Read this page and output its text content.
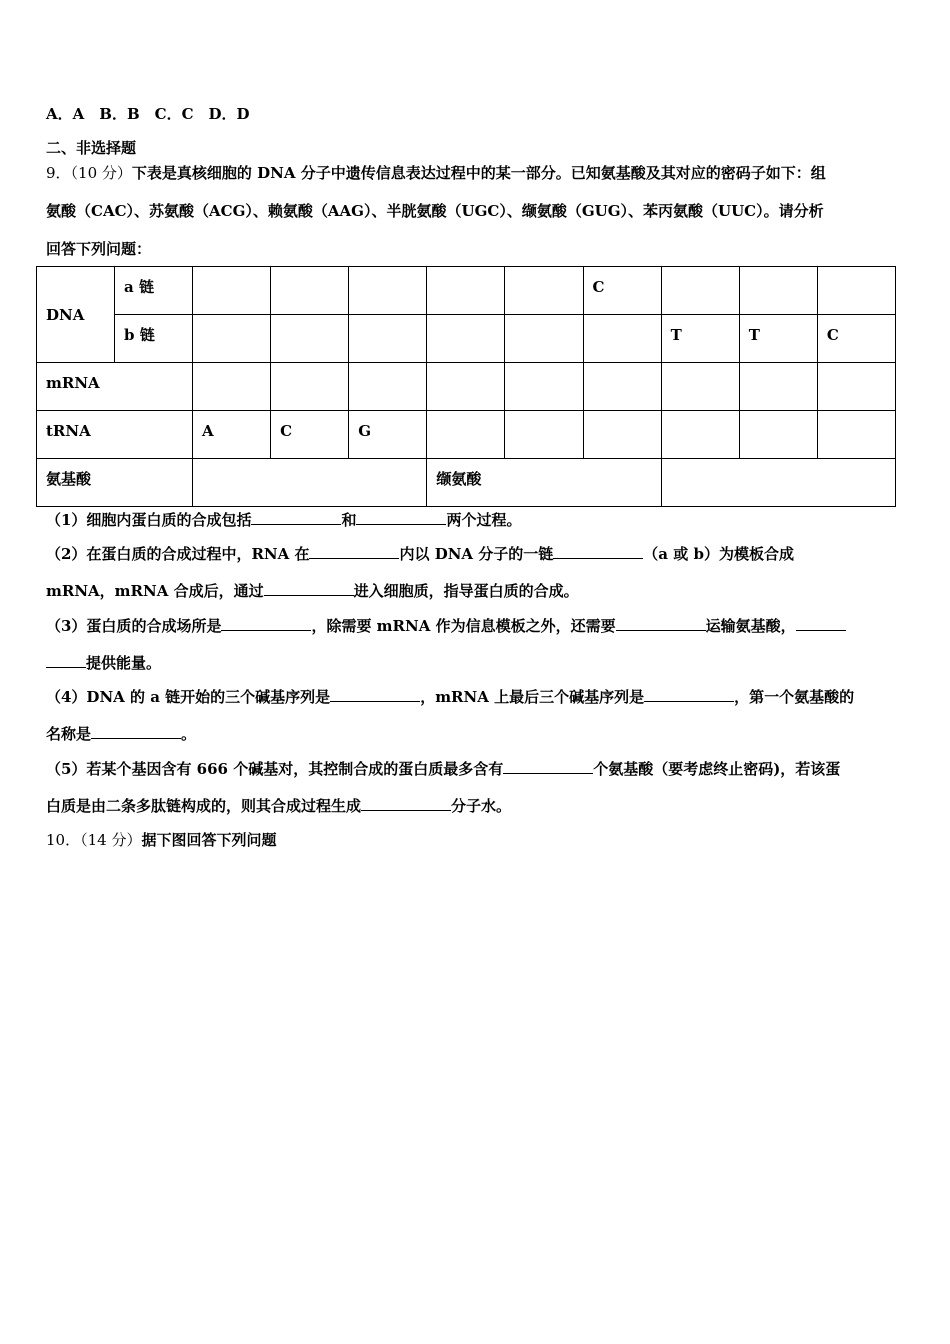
A．A　B．B　C．C　D．D
二、非选择题
9．（10 分）下表是真核细胞的 DNA 分子中遗传信息表达过程中的某一部分。已知氨基酸及其对应的密码子如下：组
氨酸（CAC）、苏氨酸（ACG）、赖氨酸（AAG）、半胱氨酸（UGC）、缬氨酸（GUG）、苯丙氨酸（UUC）。请分析
回答下列问题：
DNA	a 链						C			
	b 链							T	T	C
mRNA										
tRNA		A	C	G						
氨基酸					缬氨酸					
（1）细胞内蛋白质的合成包括	和	两个过程。
（2）在蛋白质的合成过程中，RNA 在	内以 DNA 分子的一链	（a 或 b）为模板合成
mRNA，mRNA 合成后，通过	进入细胞质，指导蛋白质的合成。
（3）蛋白质的合成场所是	，除需要 mRNA 作为信息模板之外，还需要	运输氨基酸，
提供能量。
（4）DNA 的 a 链开始的三个碱基序列是	，mRNA 上最后三个碱基序列是	，第一个氨基酸的
名称是	。
（5）若某个基因含有 666 个碱基对，其控制合成的蛋白质最多含有	个氨基酸（要考虑终止密码)，若该蛋
白质是由二条多肽链构成的，则其合成过程生成	分子水。
10．（14 分）据下图回答下列问题
